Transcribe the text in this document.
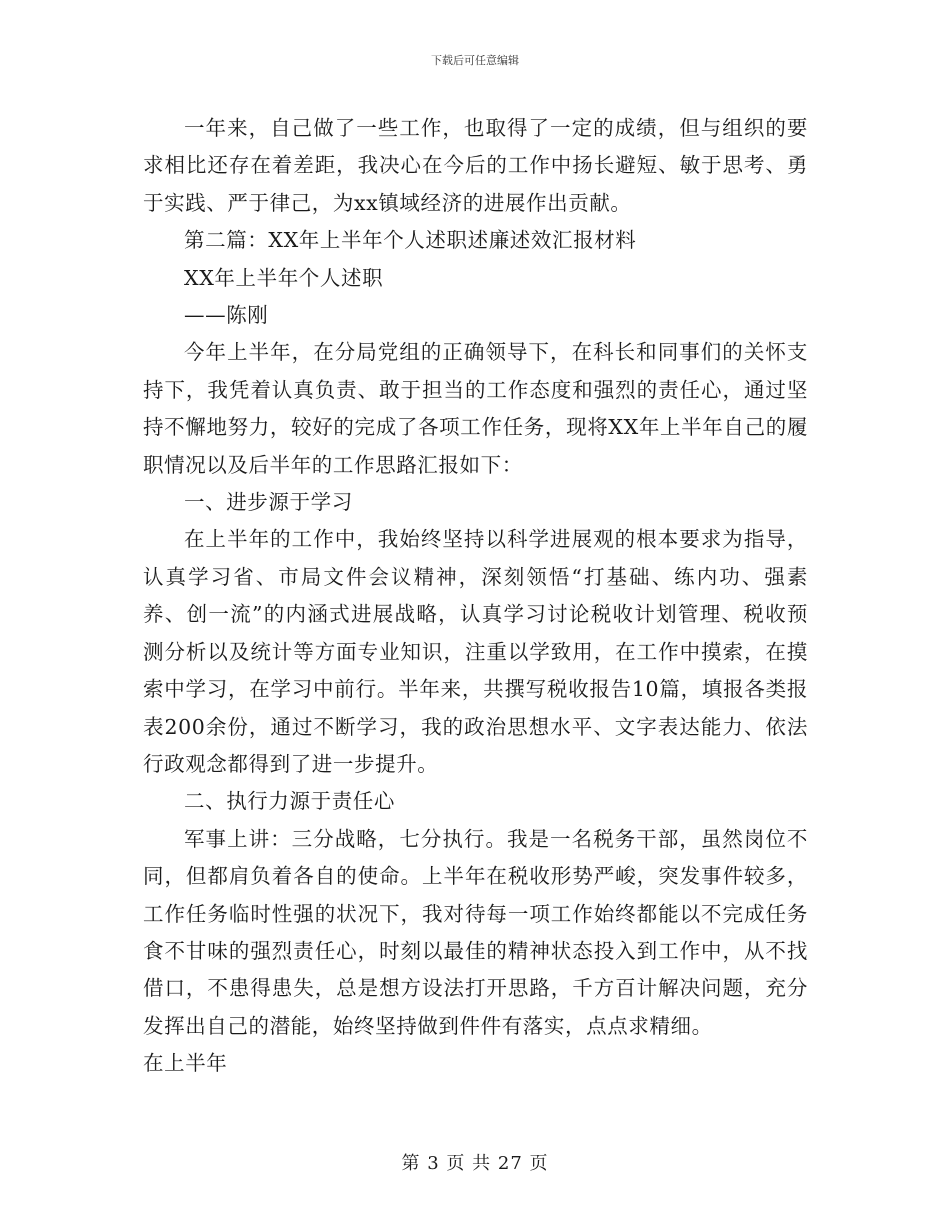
下载后可任意编辑

一年来，自己做了一些工作，也取得了一定的成绩，但与组织的要求相比还存在着差距，我决心在今后的工作中扬长避短、敏于思考、勇于实践、严于律己，为xx镇域经济的进展作出贡献。

第二篇：XX年上半年个人述职述廉述效汇报材料

XX年上半年个人述职

——陈刚

今年上半年，在分局党组的正确领导下，在科长和同事们的关怀支持下，我凭着认真负责、敢于担当的工作态度和强烈的责任心，通过坚持不懈地努力，较好的完成了各项工作任务，现将XX年上半年自己的履职情况以及后半年的工作思路汇报如下：

一、进步源于学习

在上半年的工作中，我始终坚持以科学进展观的根本要求为指导，认真学习省、市局文件会议精神，深刻领悟“打基础、练内功、强素养、创一流”的内涵式进展战略，认真学习讨论税收计划管理、税收预测分析以及统计等方面专业知识，注重以学致用，在工作中摸索，在摸索中学习，在学习中前行。半年来，共撰写税收报告10篇，填报各类报表200余份，通过不断学习，我的政治思想水平、文字表达能力、依法行政观念都得到了进一步提升。

二、执行力源于责任心

军事上讲：三分战略，七分执行。我是一名税务干部，虽然岗位不同，但都肩负着各自的使命。上半年在税收形势严峻，突发事件较多，工作任务临时性强的状况下，我对待每一项工作始终都能以不完成任务食不甘味的强烈责任心，时刻以最佳的精神状态投入到工作中，从不找借口，不患得患失，总是想方设法打开思路，千方百计解决问题，充分发挥出自己的潜能，始终坚持做到件件有落实，点点求精细。

在上半年

第 3 页 共 27 页
